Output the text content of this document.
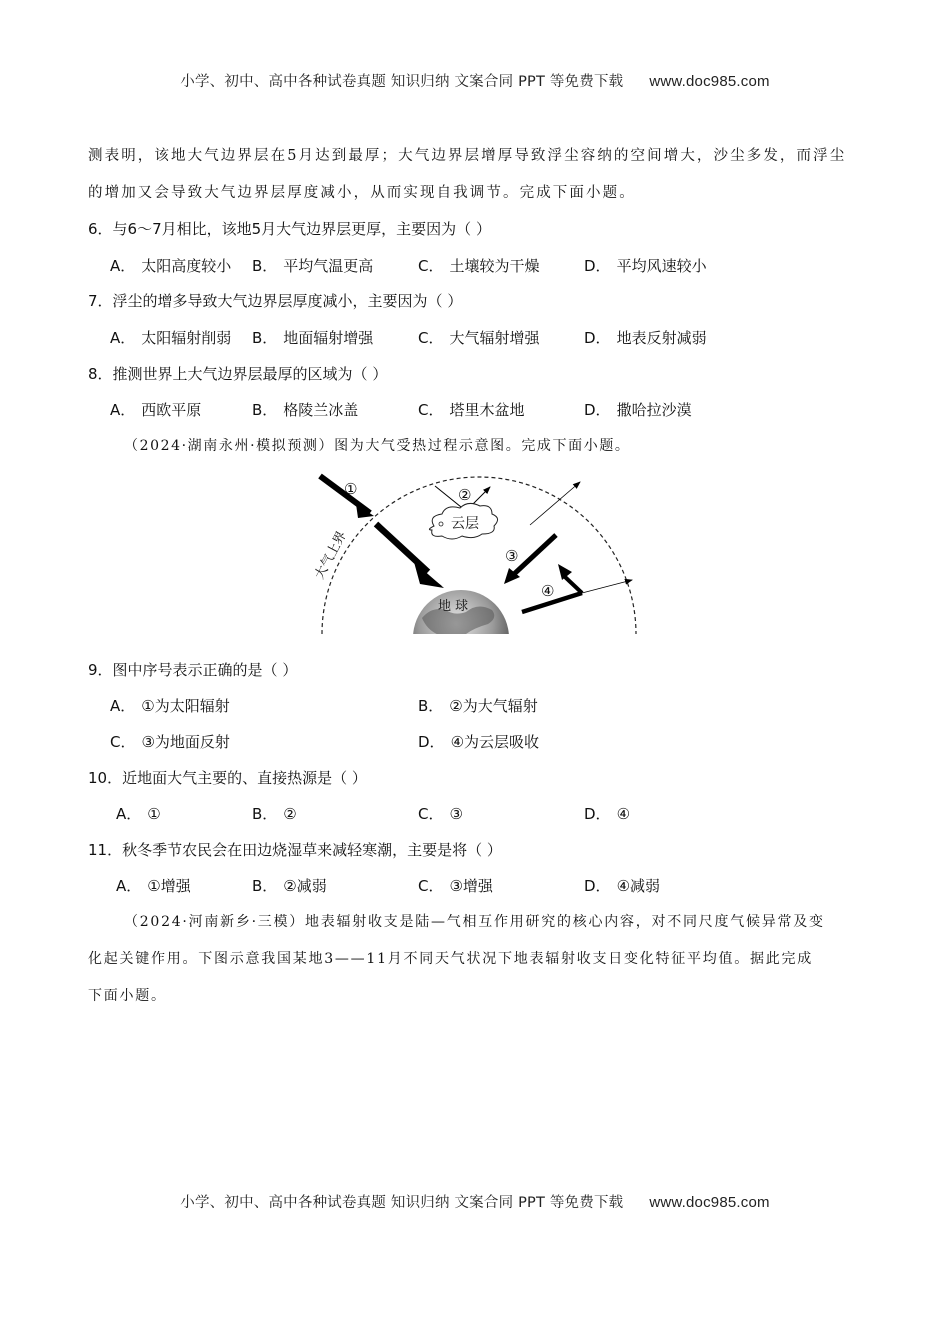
小学、初中、高中各种试卷真题 知识归纳 文案合同 PPT 等免费下载 www.doc985.com
测表明，该地大气边界层在5月达到最厚；大气边界层增厚导致浮尘容纳的空间增大，沙尘多发，而浮尘
的增加又会导致大气边界层厚度减小，从而实现自我调节。完成下面小题。
6．与6～7月相比，该地5月大气边界层更厚，主要因为（ ）
A． 太阳高度较小 B． 平均气温更高	C． 土壤较为干燥	D． 平均风速较小
7．浮尘的增多导致大气边界层厚度减小，主要因为（ ）
A． 太阳辐射削弱 B． 地面辐射增强	C． 大气辐射增强	D． 地表反射减弱
8．推测世界上大气边界层最厚的区域为（ ）
A． 西欧平原	B． 格陵兰冰盖	C． 塔里木盆地	D． 撒哈拉沙漠
（2024·湖南永州·模拟预测）图为大气受热过程示意图。完成下面小题。
地 球
①	②
云层
③
④
大气上界
9．图中序号表示正确的是（ ）
A． ①为太阳辐射	B． ②为大气辐射
C． ③为地面反射	D． ④为云层吸收
10．近地面大气主要的、直接热源是（ ）
A． ①	B． ②	C． ③	D． ④
11．秋冬季节农民会在田边烧湿草来减轻寒潮，主要是将（ ）
A． ①增强	B． ②减弱	C． ③增强	D． ④减弱
（2024·河南新乡·三模）地表辐射收支是陆—气相互作用研究的核心内容，对不同尺度气候异常及变
化起关键作用。下图示意我国某地3——11月不同天气状况下地表辐射收支日变化特征平均值。据此完成
下面小题。
小学、初中、高中各种试卷真题 知识归纳 文案合同 PPT 等免费下载 www.doc985.com
